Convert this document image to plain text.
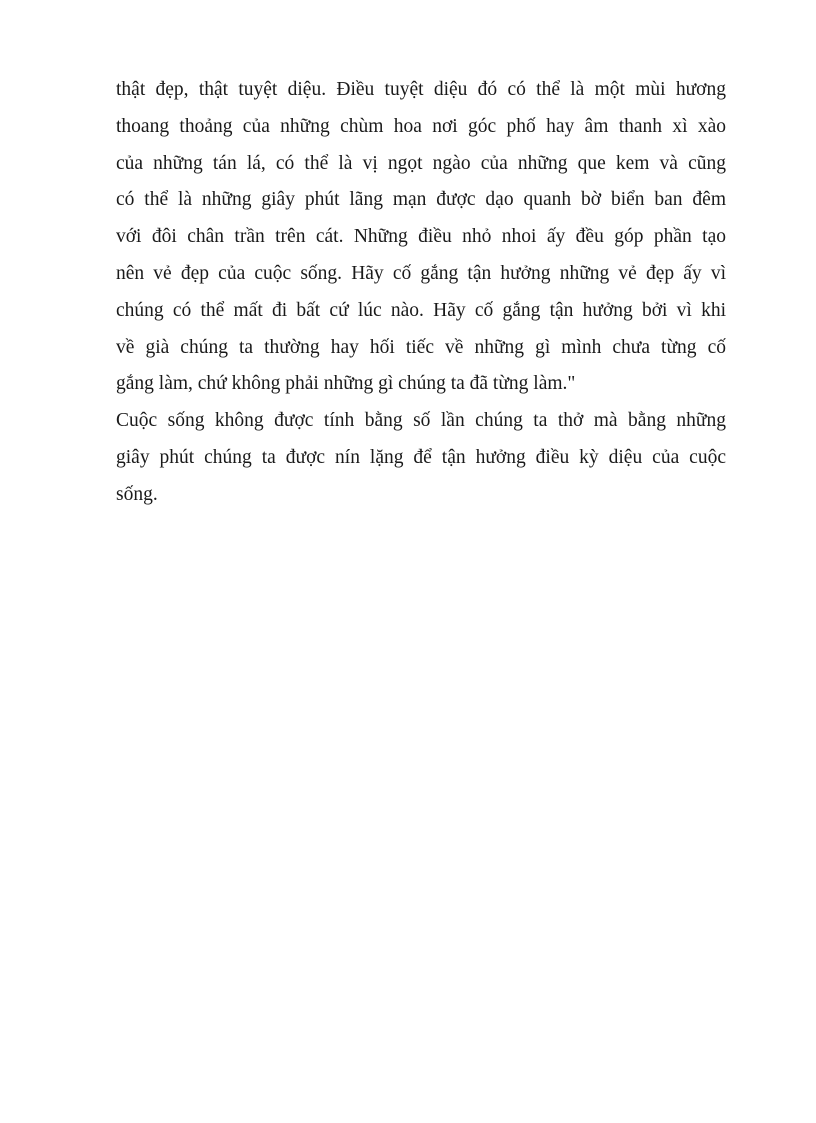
thật đẹp, thật tuyệt diệu. Điều tuyệt diệu đó có thể là một mùi hương
thoang thoảng của những chùm hoa nơi góc phố hay âm thanh xì xào
của những tán lá, có thể là vị ngọt ngào của những que kem và cũng
có thể là những giây phút lãng mạn được dạo quanh bờ biển ban đêm
với đôi chân trần trên cát. Những điều nhỏ nhoi ấy đều góp phần tạo
nên vẻ đẹp của cuộc sống. Hãy cố gắng tận hưởng những vẻ đẹp ấy vì
chúng có thể mất đi bất cứ lúc nào. Hãy cố gắng tận hưởng bởi vì khi
về già chúng ta thường hay hối tiếc về những gì mình chưa từng cố
gắng làm, chứ không phải những gì chúng ta đã từng làm."
Cuộc sống không được tính bằng số lần chúng ta thở mà bằng những
giây phút chúng ta được nín lặng để tận hưởng điều kỳ diệu của cuộc
sống.
